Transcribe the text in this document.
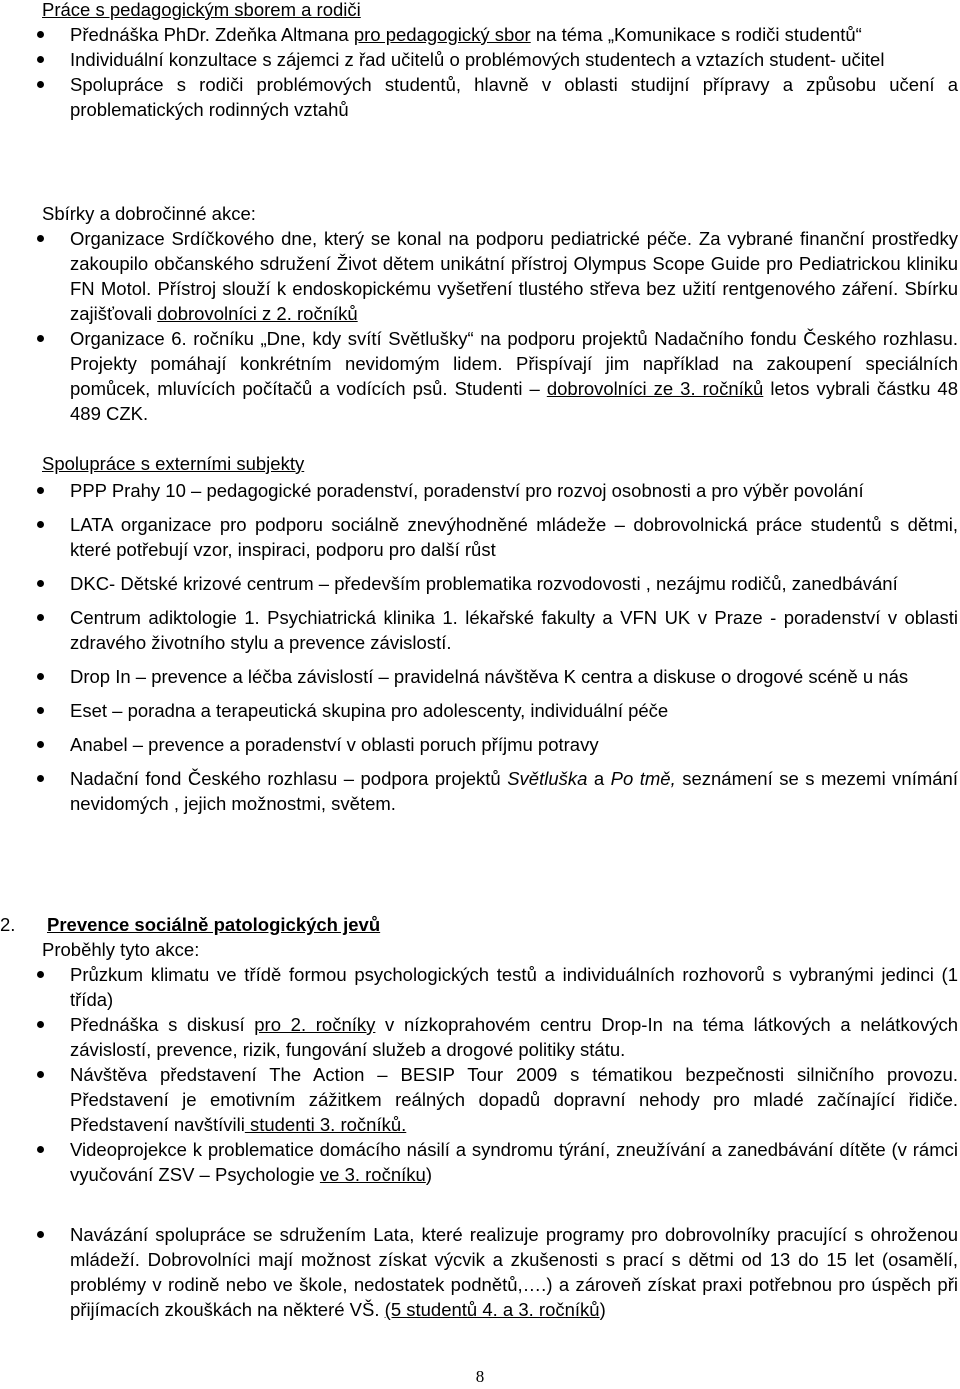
Práce s pedagogickým sborem a rodiči
Přednáška PhDr. Zdeňka Altmana pro pedagogický sbor na téma „Komunikace s rodiči studentů“
Individuální konzultace s zájemci z řad učitelů o problémových studentech a vztazích student- učitel
Spolupráce s rodiči problémových studentů, hlavně v oblasti studijní přípravy a způsobu učení a problematických rodinných vztahů
Sbírky a dobročinné akce:
Organizace Srdíčkového dne, který se konal na podporu pediatrické péče. Za vybrané finanční prostředky zakoupilo občanského sdružení Život dětem unikátní přístroj Olympus Scope Guide pro Pediatrickou kliniku FN Motol. Přístroj slouží k endoskopickému vyšetření tlustého střeva bez užití rentgenového záření. Sbírku zajišťovali dobrovolníci z 2. ročníků
Organizace 6. ročníku „Dne, kdy svítí Světlušky“ na podporu projektů Nadačního fondu Českého rozhlasu. Projekty pomáhají konkrétním nevidomým lidem. Přispívají jim například na zakoupení speciálních pomůcek, mluvících počítačů a vodících psů. Studenti – dobrovolníci ze 3. ročníků letos vybrali částku 48 489 CZK.
Spolupráce s externími subjekty
PPP Prahy 10 – pedagogické poradenství, poradenství pro rozvoj osobnosti a pro výběr povolání
LATA organizace pro podporu sociálně znevýhodněné mládeže – dobrovolnická práce studentů s dětmi, které potřebují vzor, inspiraci, podporu pro další růst
DKC- Dětské krizové centrum – především problematika rozvodovosti , nezájmu rodičů, zanedbávání
Centrum adiktologie 1. Psychiatrická klinika 1. lékařské fakulty a VFN UK v Praze - poradenství v oblasti zdravého životního stylu a prevence závislostí.
Drop In – prevence a léčba závislostí – pravidelná návštěva K centra a diskuse o drogové scéně u nás
Eset – poradna a terapeutická skupina pro adolescenty, individuální péče
Anabel – prevence a poradenství v oblasti poruch příjmu potravy
Nadační fond Českého rozhlasu – podpora projektů Světluška a Po tmě, seznámení se s mezemi vnímání nevidomých , jejich možnostmi, světem.
2. Prevence sociálně patologických jevů
Proběhly tyto akce:
Průzkum klimatu ve třídě formou psychologických testů a individuálních rozhovorů s vybranými jedinci (1 třída)
Přednáška s diskusí pro 2. ročníky v nízkoprahovém centru Drop-In na téma látkových a nelátkových závislostí, prevence, rizik, fungování služeb a drogové politiky státu.
Návštěva představení The Action – BESIP Tour 2009 s tématikou bezpečnosti silničního provozu. Představení je emotivním zážitkem reálných dopadů dopravní nehody pro mladé začínající řidiče. Představení navštívili studenti 3. ročníků.
Videoprojekce k problematice domácího násilí a syndromu týrání, zneužívání a zanedbávání dítěte (v rámci vyučování ZSV – Psychologie ve 3. ročníku)
Navázání spolupráce se sdružením Lata, které realizuje programy pro dobrovolníky pracující s ohroženou mládeží. Dobrovolníci mají možnost získat výcvik a zkušenosti s prací s dětmi od 13 do 15 let (osamělí, problémy v rodině nebo ve škole, nedostatek podnětů,….) a zároveň získat praxi potřebnou pro úspěch při přijímacích zkouškách na některé VŠ. (5 studentů 4. a 3. ročníků)
8
